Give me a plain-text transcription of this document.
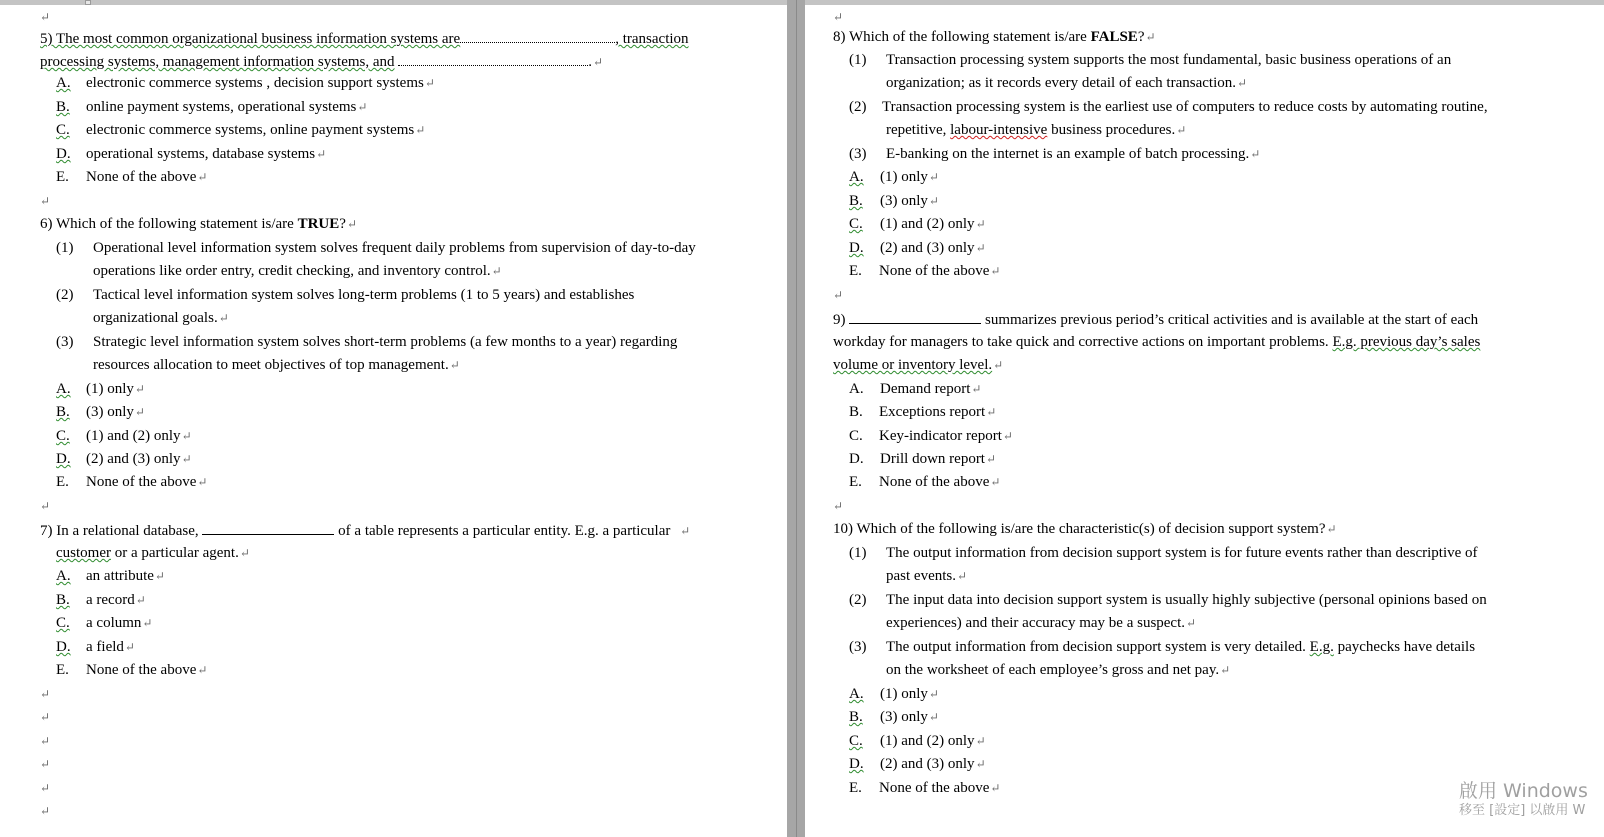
↵
5) The most common organizational business information systems are	, transaction
processing systems, management information systems, and	.↵
A. electronic commerce systems , decision support systems↵
B. online payment systems, operational systems↵
C. electronic commerce systems, online payment systems↵
D. operational systems, database systems↵
E. None of the above↵
↵
6) Which of the following statement is/are TRUE?↵
(1) Operational level information system solves frequent daily problems from supervision of day-to-day
operations like order entry, credit checking, and inventory control.↵
(2) Tactical level information system solves long-term problems (1 to 5 years) and establishes
organizational goals.↵
(3) Strategic level information system solves short-term problems (a few months to a year) regarding
resources allocation to meet objectives of top management.↵
A. (1) only↵
B. (3) only↵
C. (1) and (2) only↵
D. (2) and (3) only↵
E. None of the above↵
↵
7) In a relational database,	of a table represents a particular entity. E.g. a particular ↵
customer or a particular agent.↵
A. an attribute↵
B. a record↵
C. a column↵
D. a field↵
E. None of the above↵
↵
↵
↵
↵
↵
↵
↵
8) Which of the following statement is/are FALSE?↵
(1) Transaction processing system supports the most fundamental, basic business operations of an
organization; as it records every detail of each transaction.↵
(2) Transaction processing system is the earliest use of computers to reduce costs by automating routine,
repetitive, labour-intensive business procedures.↵
(3) E-banking on the internet is an example of batch processing.↵
A. (1) only↵
B. (3) only↵
C. (1) and (2) only↵
D. (2) and (3) only↵
E. None of the above↵
↵
9)	summarizes previous period’s critical activities and is available at the start of each
workday for managers to take quick and corrective actions on important problems. E.g. previous day’s sales
volume or inventory level.↵
A. Demand report↵
B. Exceptions report↵
C. Key-indicator report↵
D. Drill down report↵
E. None of the above↵
↵
10) Which of the following is/are the characteristic(s) of decision support system?↵
(1) The output information from decision support system is for future events rather than descriptive of
past events.↵
(2) The input data into decision support system is usually highly subjective (personal opinions based on
experiences) and their accuracy may be a suspect.↵
(3) The output information from decision support system is very detailed. E.g. paychecks have details
on the worksheet of each employee’s gross and net pay.↵
A. (1) only↵
B. (3) only↵
C. (1) and (2) only↵
D. (2) and (3) only↵
E. None of the above↵	啟用 Windows
移至 [設定] 以啟用 W
